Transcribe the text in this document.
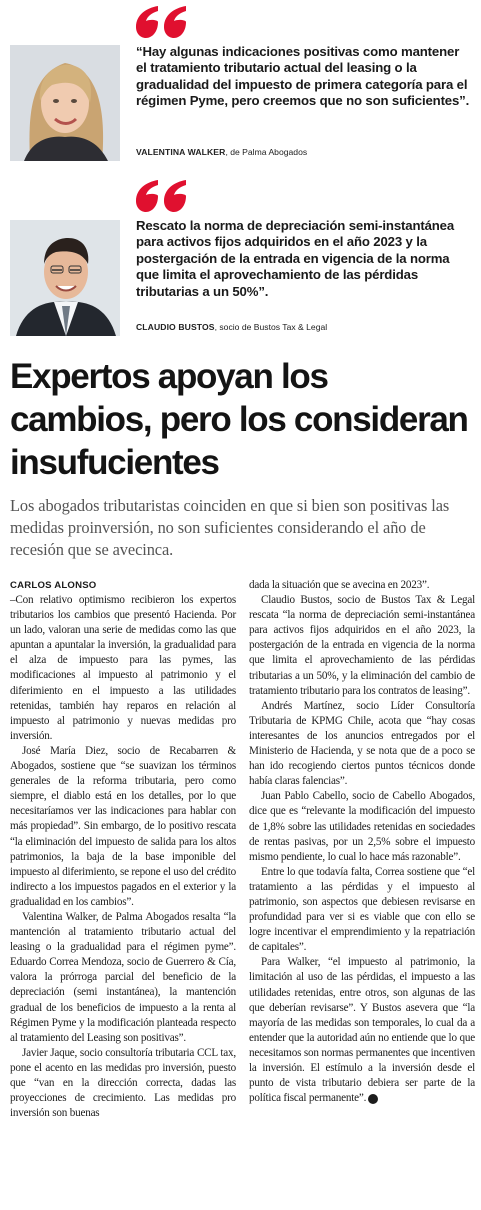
“Hay algunas indicaciones positivas como mantener el tratamiento tributario actual del leasing o la gradualidad del impuesto de primera categoría para el régimen Pyme, pero creemos que no son suficientes”.
VALENTINA WALKER, de Palma Abogados
Rescato la norma de depreciación semi-instantánea para activos fijos adquiridos en el año 2023 y la postergación de la entrada en vigencia de la norma que limita el aprovechamiento de las pérdidas tributarias a un 50%”.
CLAUDIO BUSTOS, socio de Bustos Tax & Legal
Expertos apoyan los cambios, pero los consideran insufucientes
Los abogados tributaristas coinciden en que si bien son positivas las medidas proinversión, no son suficientes considerando el año de recesión que se avecinca.
CARLOS ALONSO

–Con relativo optimismo recibieron los expertos tributarios los cambios que presentó Hacienda. Por un lado, valoran una serie de medidas como las que apuntan a apuntalar la inversión, la gradualidad para el alza de impuesto para las pymes, las modificaciones al impuesto al patrimonio y el diferimiento en el impuesto a las utilidades retenidas, también hay reparos en relación al impuesto al patrimonio y nuevas medidas pro inversión.

José María Diez, socio de Recabarren & Abogados, sostiene que “se suavizan los términos generales de la reforma tributaria, pero como siempre, el diablo está en los detalles, por lo que necesitaríamos ver las indicaciones para hablar con más propiedad”. Sin embargo, de lo positivo rescata “la eliminación del impuesto de salida para los altos patrimonios, la baja de la base imponible del impuesto al diferimiento, se repone el uso del crédito indirecto a los impuestos pagados en el exterior y la gradualidad en los cambios”.

Valentina Walker, de Palma Abogados resalta “la mantención al tratamiento tributario actual del leasing o la gradualidad para el régimen pyme”. Eduardo Correa Mendoza, socio de Guerrero & Cía, valora la prórroga parcial del beneficio de la depreciación (semi instantánea), la mantención gradual de los beneficios de impuesto a la renta al Régimen Pyme y la modificación planteada respecto al tratamiento del Leasing son positivas”.

Javier Jaque, socio consultoría tributaria CCL tax, pone el acento en las medidas pro inversión, puesto que “van en la dirección correcta, dadas las proyecciones de crecimiento. Las medidas pro inversión son buenas

dada la situación que se avecina en 2023”.

Claudio Bustos, socio de Bustos Tax & Legal rescata “la norma de depreciación semi-instantánea para activos fijos adquiridos en el año 2023, la postergación de la entrada en vigencia de la norma que limita el aprovechamiento de las pérdidas tributarias a un 50%, y la eliminación del cambio de tratamiento tributario para los contratos de leasing”.

Andrés Martínez, socio Líder Consultoría Tributaria de KPMG Chile, acota que “hay cosas interesantes de los anuncios entregados por el Ministerio de Hacienda, y se nota que de a poco se han ido recogiendo ciertos puntos técnicos donde había claras falencias”.

Juan Pablo Cabello, socio de Cabello Abogados, dice que es “relevante la modificación del impuesto de 1,8% sobre las utilidades retenidas en sociedades de rentas pasivas, por un 2,5% sobre el impuesto mismo pendiente, lo cual lo hace más razonable”.

Entre lo que todavía falta, Correa sostiene que “el tratamiento a las pérdidas y el impuesto al patrimonio, son aspectos que debiesen revisarse en profundidad para ver si es viable que con ello se logre incentivar el emprendimiento y la repatriación de capitales”.

Para Walker, “el impuesto al patrimonio, la limitación al uso de las pérdidas, el impuesto a las utilidades retenidas, entre otros, son algunas de las que deberían revisarse”. Y Bustos asevera que “la mayoría de las medidas son temporales, lo cual da a entender que la autoridad aún no entiende que lo que necesitamos son normas permanentes que incentiven la inversión. El estímulo a la inversión desde el punto de vista tributario debiera ser parte de la política fiscal permanente”. P
